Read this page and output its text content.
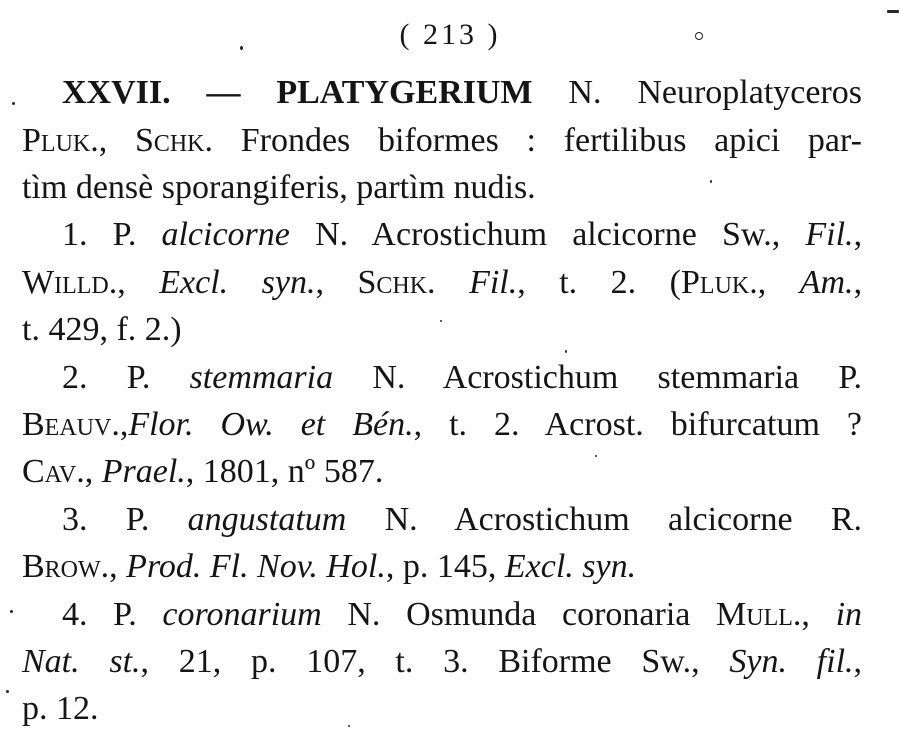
( 213 )
XXVII. — PLATYGERIUM N. Neuroplatyceros
Pluk., Schk. Frondes biformes : fertilibus apici par-
tìm densè sporangiferis, partìm nudis.
1. P. alcicorne N. Acrostichum alcicorne Sw., Fil.,
Willd., Excl. syn., Schk. Fil., t. 2. (Pluk., Am.,
t. 429, f. 2.)
2. P. stemmaria N. Acrostichum stemmaria P.
Beauv.,Flor. Ow. et Bén., t. 2. Acrost. bifurcatum ?
Cav., Prael., 1801, nº 587.
3. P. angustatum N. Acrostichum alcicorne R.
Brow., Prod. Fl. Nov. Hol., p. 145, Excl. syn.
4. P. coronarium N. Osmunda coronaria Mull., in
Nat. st., 21, p. 107, t. 3. Biforme Sw., Syn. fil.,
p. 12.
